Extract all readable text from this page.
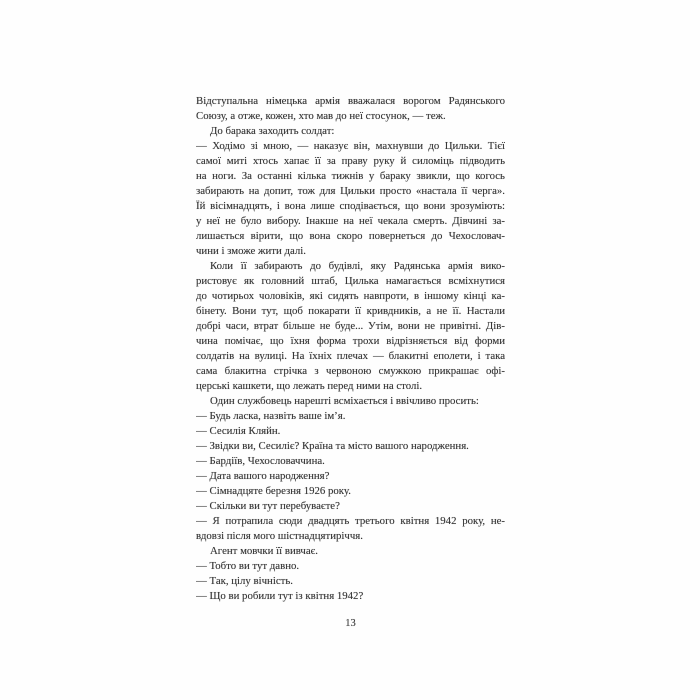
Відступальна німецька армія вважалася ворогом Радянського
Союзу, а отже, кожен, хто мав до неї стосунок, — теж.
До барака заходить солдат:
— Ходімо зі мною, — наказує він, махнувши до Цильки. Тієї
самої миті хтось хапає її за праву руку й силоміць підводить
на ноги. За останні кілька тижнів у бараку звикли, що когось
забирають на допит, тож для Цильки просто «настала її черга».
Їй вісімнадцять, і вона лише сподівається, що вони зрозуміють:
у неї не було вибору. Інакше на неї чекала смерть. Дівчині за-
лишається вірити, що вона скоро повернеться до Чехословач-
чини і зможе жити далі.
Коли її забирають до будівлі, яку Радянська армія вико-
ристовує як головний штаб, Цилька намагається всміхнутися
до чотирьох чоловіків, які сидять навпроти, в іншому кінці ка-
бінету. Вони тут, щоб покарати її кривдників, а не її. Настали
добрі часи, втрат більше не буде... Утім, вони не привітні. Дів-
чина помічає, що їхня форма трохи відрізняється від форми
солдатів на вулиці. На їхніх плечах — блакитні еполети, і така
сама блакитна стрічка з червоною смужкою прикрашає офі-
церські кашкети, що лежать перед ними на столі.
Один службовець нарешті всміхається і ввічливо просить:
— Будь ласка, назвіть ваше ім’я.
— Сесилія Кляйн.
— Звідки ви, Сесиліє? Країна та місто вашого народження.
— Бардіїв, Чехословаччина.
— Дата вашого народження?
— Сімнадцяте березня 1926 року.
— Скільки ви тут перебуваєте?
— Я потрапила сюди двадцять третього квітня 1942 року, не-
вдовзі після мого шістнадцятиріччя.
Агент мовчки її вивчає.
— Тобто ви тут давно.
— Так, цілу вічність.
— Що ви робили тут із квітня 1942?
13
